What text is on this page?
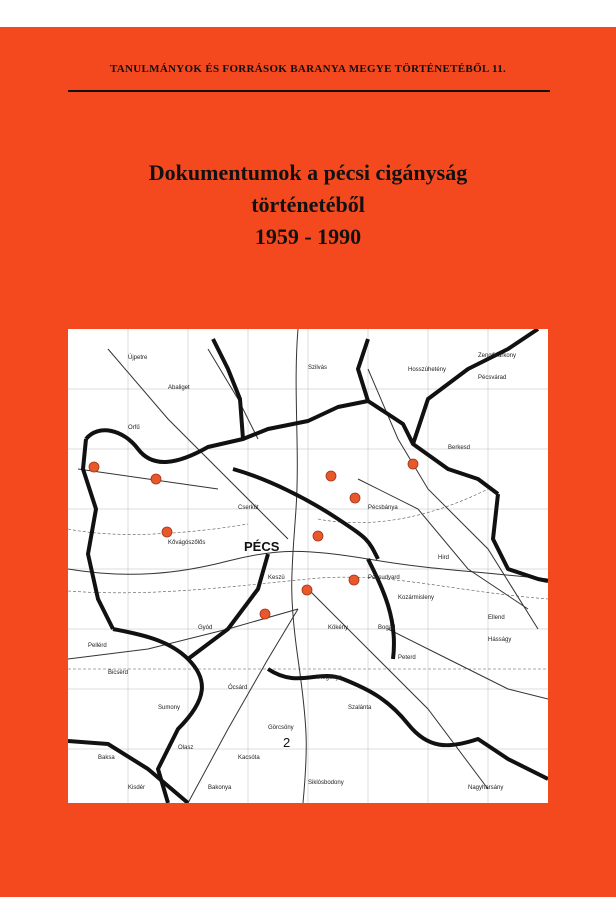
TANULMÁNYOK ÉS FORRÁSOK BARANYA MEGYE TÖRTÉNETÉBŐL 11.
Dokumentumok a pécsi cigányság
történetéből
1959 - 1990
Zengővárkony
Pécsvárad
Hosszúhetény
Berkesd
Pellérd
Hird
Ellend
Hásságy
Szilvás
Pécsudvard
Kozármisleny
Kökény
Bicsérd
Gyód
Sumony
Baksa
Kisdér
Ócsárd
Siklósbodony
Bogád
Görcsöny
Kacsóta
Olasz
Szalánta
Nagyharsány
Peterd
Regenye
Bakonya
Cserkút
Orfű
Abaliget
Kővágószőlős
Keszü
Pécsbánya
Újpetre
PÉCS
2
